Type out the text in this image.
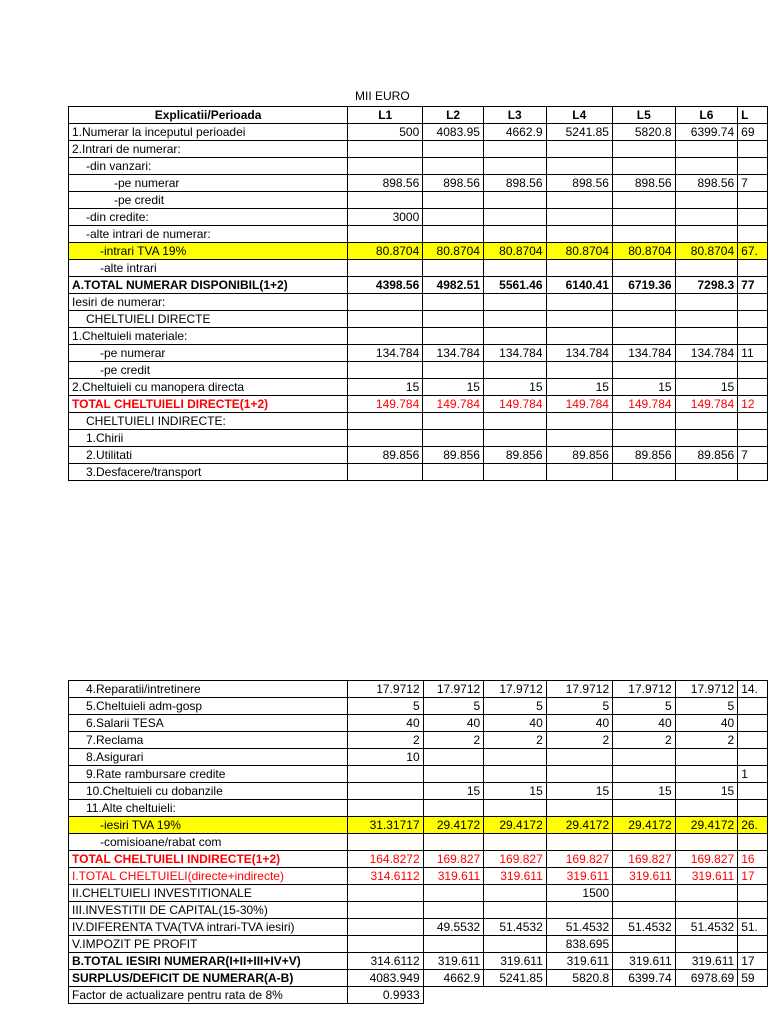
MII EURO
Explicatii/Perioada	L1	L2	L3	L4	L5	L6	L
1.Numerar la inceputul perioadei	500	4083.95	4662.9	5241.85	5820.8	6399.74	69
2.Intrari de numerar:							
-din vanzari:							
-pe numerar	898.56	898.56	898.56	898.56	898.56	898.56	7
-pe credit							
-din credite:	3000						
-alte intrari de numerar:							
-intrari TVA 19%	80.8704	80.8704	80.8704	80.8704	80.8704	80.8704	67.
-alte intrari							
A.TOTAL NUMERAR DISPONIBIL(1+2)	4398.56	4982.51	5561.46	6140.41	6719.36	7298.3	77
Iesiri de numerar:							
CHELTUIELI DIRECTE							
1.Cheltuieli materiale:							
-pe numerar	134.784	134.784	134.784	134.784	134.784	134.784	11
-pe credit							
2.Cheltuieli cu manopera directa	15	15	15	15	15	15	
TOTAL CHELTUIELI DIRECTE(1+2)	149.784	149.784	149.784	149.784	149.784	149.784	12
CHELTUIELI INDIRECTE:							
1.Chirii							
2.Utilitati	89.856	89.856	89.856	89.856	89.856	89.856	7
3.Desfacere/transport							
4.Reparatii/intretinere	17.9712	17.9712	17.9712	17.9712	17.9712	17.9712	14.
5.Cheltuieli adm-gosp	5	5	5	5	5	5	
6.Salarii TESA	40	40	40	40	40	40	
7.Reclama	2	2	2	2	2	2	
8.Asigurari	10						
9.Rate rambursare credite							1
10.Cheltuieli cu dobanzile		15	15	15	15	15	
11.Alte cheltuieli:							
-iesiri TVA 19%	31.31717	29.4172	29.4172	29.4172	29.4172	29.4172	26.
-comisioane/rabat com							
TOTAL CHELTUIELI INDIRECTE(1+2)	164.8272	169.827	169.827	169.827	169.827	169.827	16
I.TOTAL CHELTUIELI(directe+indirecte)	314.6112	319.611	319.611	319.611	319.611	319.611	17
II.CHELTUIELI INVESTITIONALE				1500			
III.INVESTITII DE CAPITAL(15-30%)							
IV.DIFERENTA TVA(TVA intrari-TVA iesiri)		49.5532	51.4532	51.4532	51.4532	51.4532	51.
V.IMPOZIT PE PROFIT				838.695			
B.TOTAL IESIRI NUMERAR(I+II+III+IV+V)	314.6112	319.611	319.611	319.611	319.611	319.611	17
SURPLUS/DEFICIT DE NUMERAR(A-B)	4083.949	4662.9	5241.85	5820.8	6399.74	6978.69	59
Factor de actualizare pentru rata de 8%	0.9933						
